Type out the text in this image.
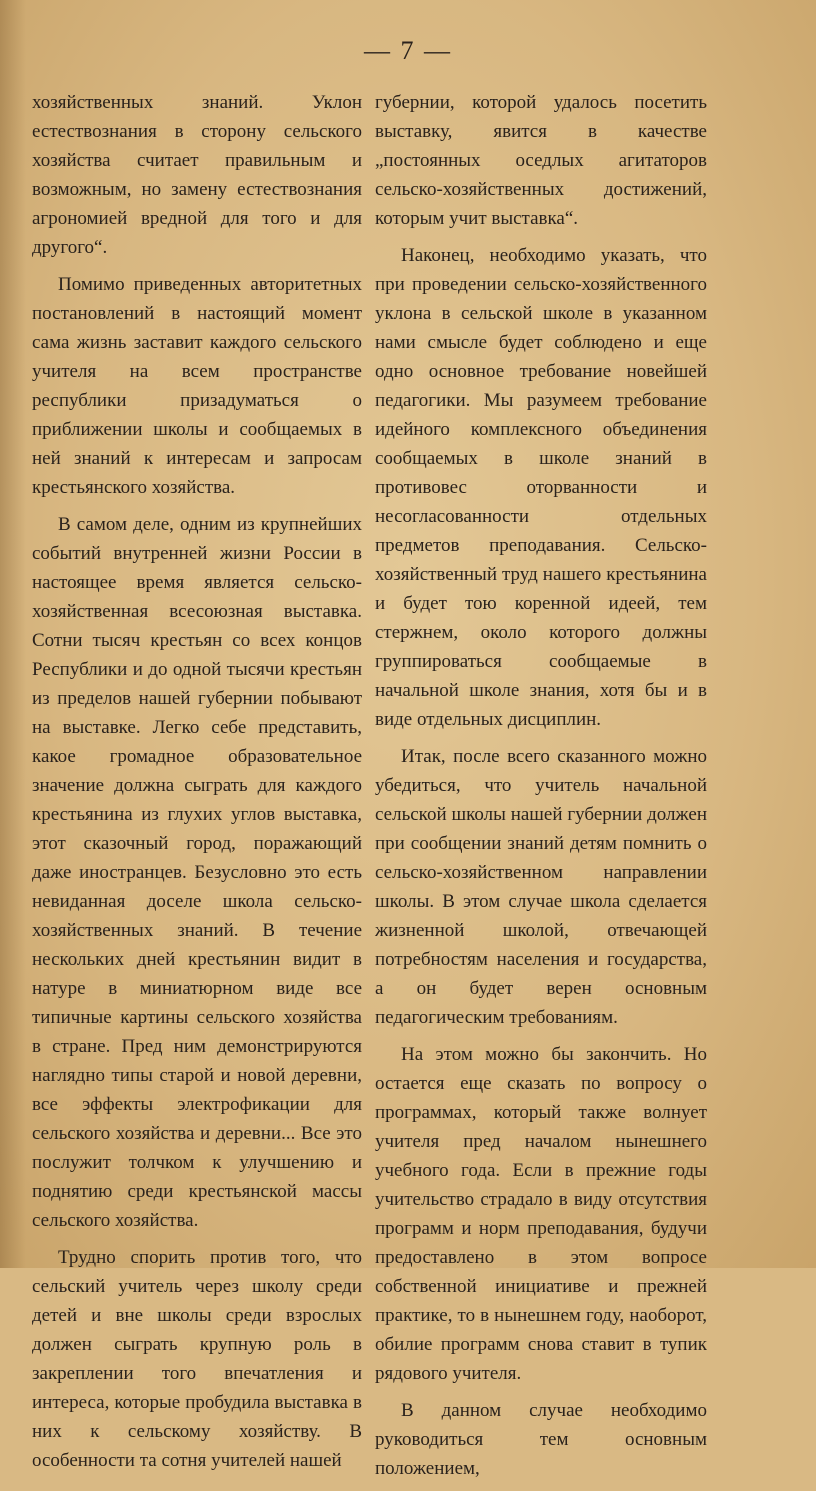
— 7 —

хозяйственных знаний. Уклон естествознания в сторону сельского хозяйства считает правильным и возможным, но замену естествознания агрономией вредной для того и для другого“.

Помимо приведенных авторитетных постановлений в настоящий момент сама жизнь заставит каждого сельского учителя на всем пространстве республики призадуматься о приближении школы и сообщаемых в ней знаний к интересам и запросам крестьянского хозяйства.

В самом деле, одним из крупнейших событий внутренней жизни России в настоящее время является сельско-хозяйственная всесоюзная выставка. Сотни тысяч крестьян со всех концов Республики и до одной тысячи крестьян из пределов нашей губернии побывают на выставке. Легко себе представить, какое громадное образовательное значение должна сыграть для каждого крестьянина из глухих углов выставка, этот сказочный город, поражающий даже иностранцев. Безусловно это есть невиданная доселе школа сельско-хозяйственных знаний. В течение нескольких дней крестьянин видит в натуре в миниатюрном виде все типичные картины сельского хозяйства в стране. Пред ним демонстрируются наглядно типы старой и новой деревни, все эффекты электрофикации для сельского хозяйства и деревни... Все это послужит толчком к улучшению и поднятию среди крестьянской массы сельского хозяйства.

Трудно спорить против того, что сельский учитель через школу среди детей и вне школы среди взрослых должен сыграть крупную роль в закреплении того впечатления и интереса, которые пробудила выставка в них к сельскому хозяйству. В особенности та сотня учителей нашей

губернии, которой удалось посетить выставку, явится в качестве „постоянных оседлых агитаторов сельско-хозяйственных достижений, которым учит выставка“.

Наконец, необходимо указать, что при проведении сельско-хозяйственного уклона в сельской школе в указанном нами смысле будет соблюдено и еще одно основное требование новейшей педагогики. Мы разумеем требование идейного комплексного объединения сообщаемых в школе знаний в противовес оторванности и несогласованности отдельных предметов преподавания. Сельско-хозяйственный труд нашего крестьянина и будет тою коренной идеей, тем стержнем, около которого должны группироваться сообщаемые в начальной школе знания, хотя бы и в виде отдельных дисциплин.

Итак, после всего сказанного можно убедиться, что учитель начальной сельской школы нашей губернии должен при сообщении знаний детям помнить о сельско-хозяйственном направлении школы. В этом случае школа сделается жизненной школой, отвечающей потребностям населения и государства, а он будет верен основным педагогическим требованиям.

На этом можно бы закончить. Но остается еще сказать по вопросу о программах, который также волнует учителя пред началом нынешнего учебного года. Если в прежние годы учительство страдало в виду отсутствия программ и норм преподавания, будучи предоставлено в этом вопросе собственной инициативе и прежней практике, то в нынешнем году, наоборот, обилие программ снова ставит в тупик рядового учителя.

В данном случае необходимо руководиться тем основным положением,
